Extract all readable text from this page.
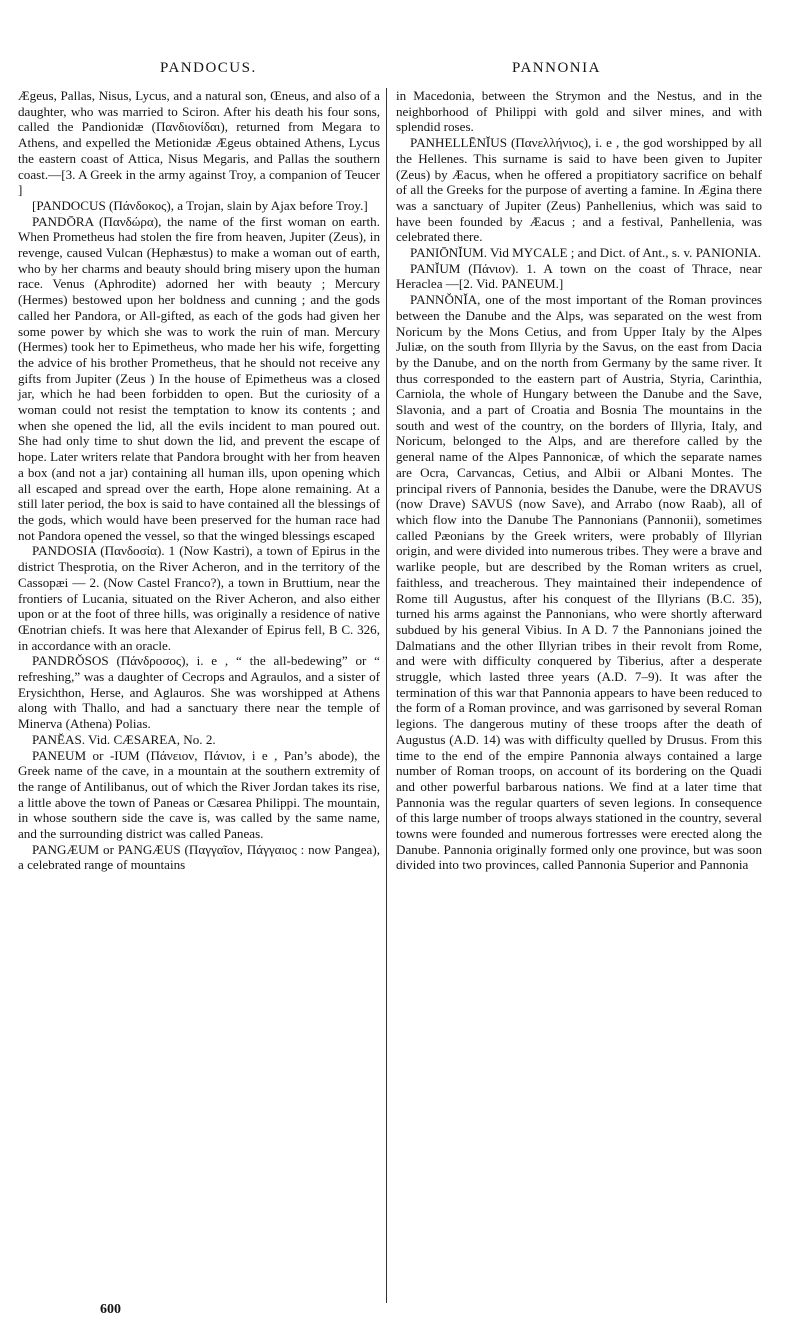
PANDOCUS.	PANNONIA

Ægeus, Pallas, Nisus, Lycus, and a natural son, Œneus, and also of a daughter, who was married to Sciron. After his death his four sons, called the Pandionidæ (Πανδιονίδαι), returned from Megara to Athens, and expelled the Metionidæ Ægeus obtained Athens, Lycus the eastern coast of Attica, Nisus Megaris, and Pallas the southern coast.—[3. A Greek in the army against Troy, a companion of Teucer ]

[PANDOCUS (Πάνδοκος), a Trojan, slain by Ajax before Troy.]

PANDŌRA (Πανδώρα), the name of the first woman on earth. When Prometheus had stolen the fire from heaven, Jupiter (Zeus), in revenge, caused Vulcan (Hephæstus) to make a woman out of earth, who by her charms and beauty should bring misery upon the human race. Venus (Aphrodite) adorned her with beauty ; Mercury (Hermes) bestowed upon her boldness and cunning ; and the gods called her Pandora, or All-gifted, as each of the gods had given her some power by which she was to work the ruin of man. Mercury (Hermes) took her to Epimetheus, who made her his wife, forgetting the advice of his brother Prometheus, that he should not receive any gifts from Jupiter (Zeus ) In the house of Epimetheus was a closed jar, which he had been forbidden to open. But the curiosity of a woman could not resist the temptation to know its contents ; and when she opened the lid, all the evils incident to man poured out. She had only time to shut down the lid, and prevent the escape of hope. Later writers relate that Pandora brought with her from heaven a box (and not a jar) containing all human ills, upon opening which all escaped and spread over the earth, Hope alone remaining. At a still later period, the box is said to have contained all the blessings of the gods, which would have been preserved for the human race had not Pandora opened the vessel, so that the winged blessings escaped

PANDOSIA (Πανδοσία). 1 (Now Kastri), a town of Epirus in the district Thesprotia, on the River Acheron, and in the territory of the Cassopæi — 2. (Now Castel Franco?), a town in Bruttium, near the frontiers of Lucania, situated on the River Acheron, and also either upon or at the foot of three hills, was originally a residence of native Œnotrian chiefs. It was here that Alexander of Epirus fell, B C. 326, in accordance with an oracle.

PANDRŎSOS (Πάνδροσος), i. e , “ the all-bedewing” or “ refreshing,” was a daughter of Cecrops and Agraulos, and a sister of Erysichthon, Herse, and Aglauros. She was worshipped at Athens along with Thallo, and had a sanctuary there near the temple of Minerva (Athena) Polias.

PANĔAS. Vid. CÆSAREA, No. 2.

PANEUM or -IUM (Πάνειον, Πάνιον, i e , Pan’s abode), the Greek name of the cave, in a mountain at the southern extremity of the range of Antilibanus, out of which the River Jordan takes its rise, a little above the town of Paneas or Cæsarea Philippi. The mountain, in whose southern side the cave is, was called by the same name, and the surrounding district was called Paneas.

PANGÆUM or PANGÆUS (Παγγαῖον, Πάγγαιος : now Pangea), a celebrated range of mountains

in Macedonia, between the Strymon and the Nestus, and in the neighborhood of Philippi with gold and silver mines, and with splendid roses.

PANHELLĒNĬUS (Πανελλήνιος), i. e , the god worshipped by all the Hellenes. This surname is said to have been given to Jupiter (Zeus) by Æacus, when he offered a propitiatory sacrifice on behalf of all the Greeks for the purpose of averting a famine. In Ægina there was a sanctuary of Jupiter (Zeus) Panhellenius, which was said to have been founded by Æacus ; and a festival, Panhellenia, was celebrated there.

PANIŌNĬUM. Vid MYCALE ; and Dict. of Ant., s. v. PANIONIA.

PANĬUM (Πάνιον). 1. A town on the coast of Thrace, near Heraclea —[2. Vid. PANEUM.]

PANNŎNĬA, one of the most important of the Roman provinces between the Danube and the Alps, was separated on the west from Noricum by the Mons Cetius, and from Upper Italy by the Alpes Juliæ, on the south from Illyria by the Savus, on the east from Dacia by the Danube, and on the north from Germany by the same river. It thus corresponded to the eastern part of Austria, Styria, Carinthia, Carniola, the whole of Hungary between the Danube and the Save, Slavonia, and a part of Croatia and Bosnia The mountains in the south and west of the country, on the borders of Illyria, Italy, and Noricum, belonged to the Alps, and are therefore called by the general name of the Alpes Pannonicæ, of which the separate names are Ocra, Carvancas, Cetius, and Albii or Albani Montes. The principal rivers of Pannonia, besides the Danube, were the DRAVUS (now Drave) SAVUS (now Save), and Arrabo (now Raab), all of which flow into the Danube The Pannonians (Pannonii), sometimes called Pæonians by the Greek writers, were probably of Illyrian origin, and were divided into numerous tribes. They were a brave and warlike people, but are described by the Roman writers as cruel, faithless, and treacherous. They maintained their independence of Rome till Augustus, after his conquest of the Illyrians (B.C. 35), turned his arms against the Pannonians, who were shortly afterward subdued by his general Vibius. In A D. 7 the Pannonians joined the Dalmatians and the other Illyrian tribes in their revolt from Rome, and were with difficulty conquered by Tiberius, after a desperate struggle, which lasted three years (A.D. 7–9). It was after the termination of this war that Pannonia appears to have been reduced to the form of a Roman province, and was garrisoned by several Roman legions. The dangerous mutiny of these troops after the death of Augustus (A.D. 14) was with difficulty quelled by Drusus. From this time to the end of the empire Pannonia always contained a large number of Roman troops, on account of its bordering on the Quadi and other powerful barbarous nations. We find at a later time that Pannonia was the regular quarters of seven legions. In consequence of this large number of troops always stationed in the country, several towns were founded and numerous fortresses were erected along the Danube. Pannonia originally formed only one province, but was soon divided into two provinces, called Pannonia Superior and Pannonia

600
